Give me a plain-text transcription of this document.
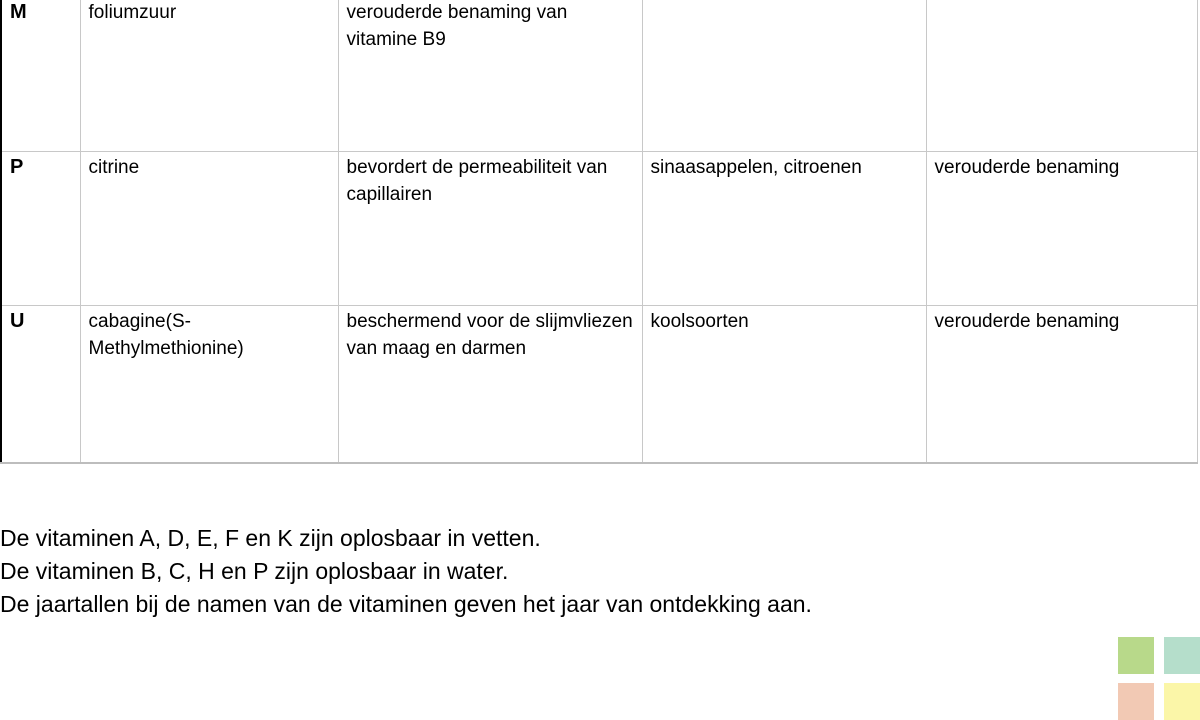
M	foliumzuur	verouderde benaming van vitamine B9		
P	citrine	bevordert de permeabiliteit van capillairen	sinaasappelen, citroenen	verouderde benaming
U	cabagine(S-Methylmethionine)	beschermend voor de slijmvliezen van maag en darmen	koolsoorten	verouderde benaming

De vitaminen A, D, E, F en K zijn oplosbaar in vetten.

De vitaminen B, C, H en P zijn oplosbaar in water.

De jaartallen bij de namen van de vitaminen geven het jaar van ontdekking aan.
